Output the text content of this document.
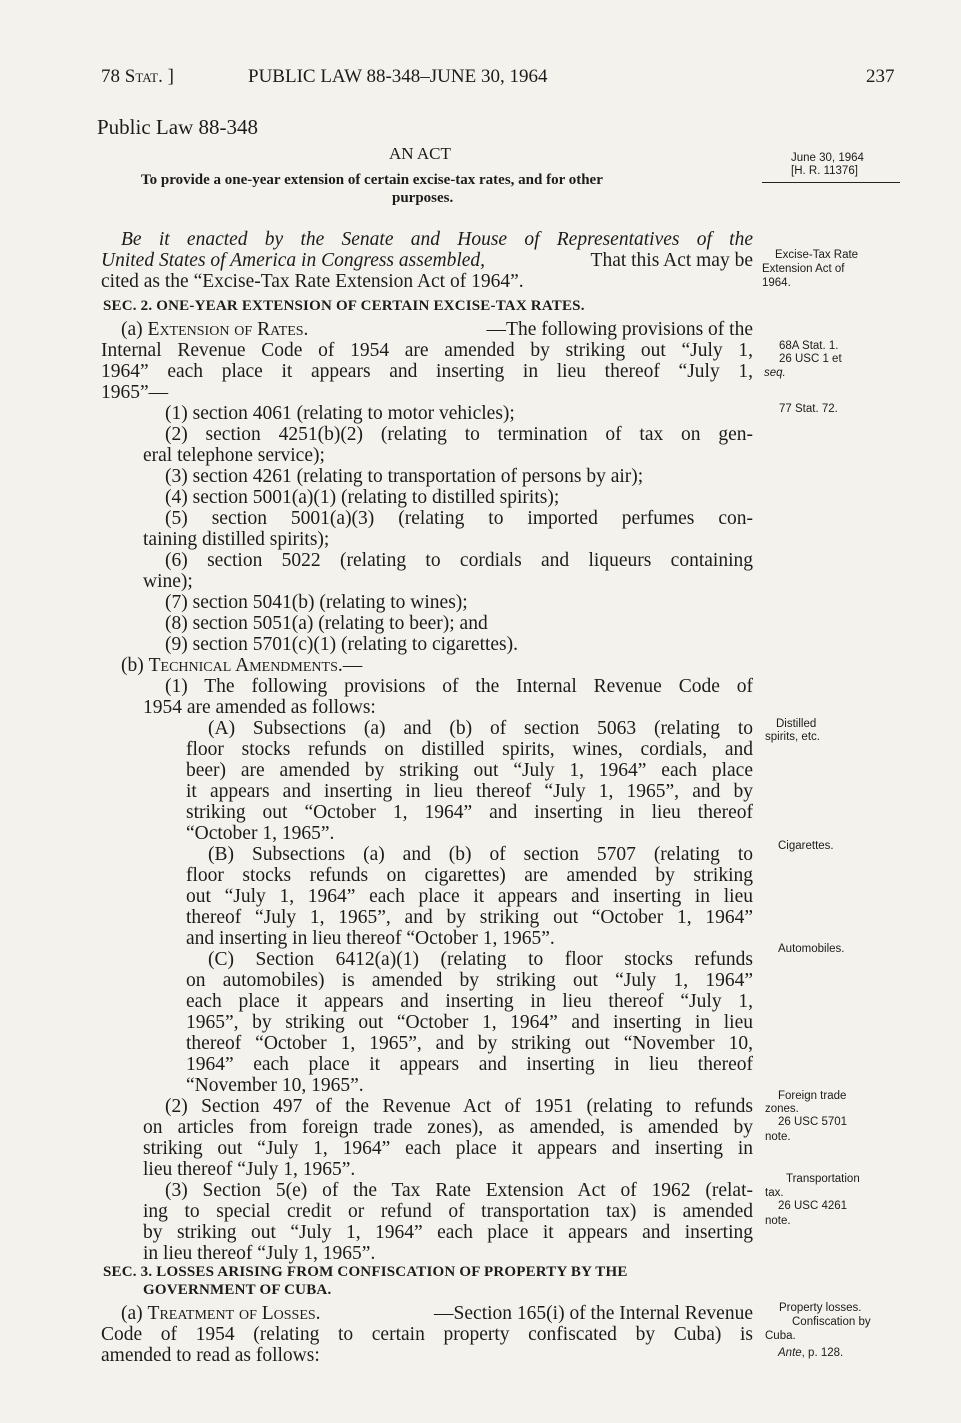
78 Stat. ]	PUBLIC LAW 88-348–JUNE 30, 1964	237
Public Law 88-348
AN ACT
To provide a one-year extension of certain excise-tax rates, and for other
purposes.
Be it enacted by the Senate and House of Representatives of the
United States of America in Congress assembled,	That this Act may be
cited as the “Excise-Tax Rate Extension Act of 1964”.
SEC. 2. ONE-YEAR EXTENSION OF CERTAIN EXCISE-TAX RATES.
(a) Extension of Rates.	—The following provisions of the
Internal Revenue Code of 1954 are amended by striking out “July 1,
1964” each place it appears and inserting in lieu thereof “July 1,
1965”—
(1) section 4061 (relating to motor vehicles);
(2) section 4251(b)(2) (relating to termination of tax on gen-
eral telephone service);
(3) section 4261 (relating to transportation of persons by air);
(4) section 5001(a)(1) (relating to distilled spirits);
(5) section 5001(a)(3) (relating to imported perfumes con-
taining distilled spirits);
(6) section 5022 (relating to cordials and liqueurs containing
wine);
(7) section 5041(b) (relating to wines);
(8) section 5051(a) (relating to beer); and
(9) section 5701(c)(1) (relating to cigarettes).
(b) Technical Amendments.—
(1) The following provisions of the Internal Revenue Code of
1954 are amended as follows:
(A) Subsections (a) and (b) of section 5063 (relating to
floor stocks refunds on distilled spirits, wines, cordials, and
beer) are amended by striking out “July 1, 1964” each place
it appears and inserting in lieu thereof “July 1, 1965”, and by
striking out “October 1, 1964” and inserting in lieu thereof
“October 1, 1965”.
(B) Subsections (a) and (b) of section 5707 (relating to
floor stocks refunds on cigarettes) are amended by striking
out “July 1, 1964” each place it appears and inserting in lieu
thereof “July 1, 1965”, and by striking out “October 1, 1964”
and inserting in lieu thereof “October 1, 1965”.
(C) Section 6412(a)(1) (relating to floor stocks refunds
on automobiles) is amended by striking out “July 1, 1964”
each place it appears and inserting in lieu thereof “July 1,
1965”, by striking out “October 1, 1964” and inserting in lieu
thereof “October 1, 1965”, and by striking out “November 10,
1964” each place it appears and inserting in lieu thereof
“November 10, 1965”.
(2) Section 497 of the Revenue Act of 1951 (relating to refunds
on articles from foreign trade zones), as amended, is amended by
striking out “July 1, 1964” each place it appears and inserting in
lieu thereof “July 1, 1965”.
(3) Section 5(e) of the Tax Rate Extension Act of 1962 (relat-
ing to special credit or refund of transportation tax) is amended
by striking out “July 1, 1964” each place it appears and inserting
in lieu thereof “July 1, 1965”.
SEC. 3. LOSSES ARISING FROM CONFISCATION OF PROPERTY BY THE
GOVERNMENT OF CUBA.
(a) Treatment of Losses.	—Section 165(i) of the Internal Revenue
Code of 1954 (relating to certain property confiscated by Cuba) is
amended to read as follows:
June 30, 1964
[H. R. 11376]
Excise-Tax Rate
Extension Act of
1964.
68A Stat. 1.
26 USC 1 et
seq.
77 Stat. 72.
Distilled
spirits, etc.
Cigarettes.
Automobiles.
Foreign trade
zones.
26 USC 5701
note.
Transportation
tax.
26 USC 4261
note.
Property losses.
Confiscation by
Cuba.
Ante, p. 128.
